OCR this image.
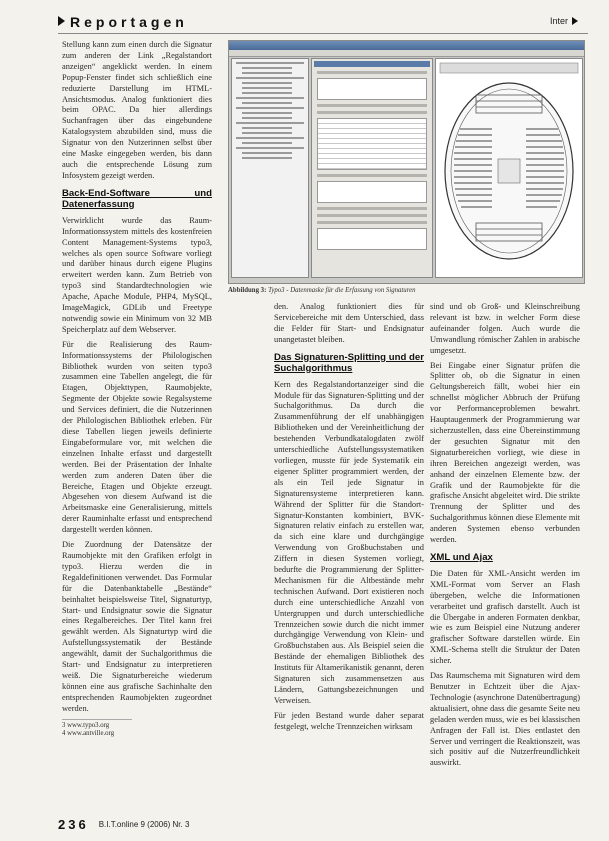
Reportagen	Inter

Stellung kann zum einen durch die Signatur zum anderen der Link „Regalstandort anzeigen“ angeklickt werden. In einem Popup-Fenster findet sich schließlich eine reduzierte Darstellung im HTML-Ansichtsmodus. Analog funktioniert dies beim OPAC. Da hier allerdings Suchanfragen über das eingebundene Katalogsystem abzubilden sind, muss die Signatur von den Nutzerinnen selbst über eine Maske eingegeben werden, bis dann auch die entsprechende Lösung zum Infosystem gezeigt werden.

Back-End-Software und Datenerfassung

Verwirklicht wurde das Raum-Informationssystem mittels des kostenfreien Content Management-Systems typo3, welches als open source Software vorliegt und darüber hinaus durch eigene Plugins erweitert werden kann. Zum Betrieb von typo3 sind Standardtechnologien wie Apache, Apache Module, PHP4, MySQL, ImageMagick, GDLib und Freetype notwendig sowie ein Minimum von 32 MB Speicherplatz auf dem Webserver.

Für die Realisierung des Raum-Informationssystems der Philologischen Bibliothek wurden von seiten typo3 zusammen eine Tabellen angelegt, die für Etagen, Objekttypen, Raumobjekte, Segmente der Objekte sowie Regalsysteme und Services definiert, die die Nutzerinnen der Philologischen Bibliothek erleben. Für diese Tabellen liegen jeweils definierte Eingabeformulare vor, mit welchen die einzelnen Inhalte erfasst und dargestellt werden. Bei der Präsentation der Inhalte werden zum anderen Daten über die Bereiche, Etagen und Objekte erzeugt. Abgesehen von diesem Aufwand ist die Arbeitsmaske eine Generalisierung, mittels derer Rauminhalte erfasst und entsprechend dargestellt werden können.

Die Zuordnung der Datensätze der Raumobjekte mit den Grafiken erfolgt in typo3. Hierzu werden die in Regaldefinitionen verwendet. Das Formular für die Datenbanktabelle „Bestände“ beinhaltet beispielsweise Titel, Signaturtyp, Start- und Endsignatur sowie die Signatur eines Regalbereiches. Der Titel kann frei gewählt werden. Als Signaturtyp wird die Aufstellungssystematik der Bestände angewählt, damit der Suchalgorithmus die Start- und Endsignatur zu interpretieren weiß. Die Signaturbereiche wiederum können eine aus grafische Sachinhalte den entsprechenden Raumobjekten zugeordnet werden.

3 www.typo3.org
4 www.antville.org
Abbildung 3: Typo3 - Datenmaske für die Erfassung von Signaturen

den. Analog funktioniert dies für Servicebereiche mit dem Unterschied, dass die Felder für Start- und Endsignatur unangetastet bleiben.

Das Signaturen-Splitting und der Suchalgorithmus

Kern des Regalstandortanzeiger sind die Module für das Signaturen-Splitting und der Suchalgorithmus. Da durch die Zusammenführung der elf unabhängigen Bibliotheken und der Vereinheitlichung der bestehenden Verbundkatalogdaten zwölf unterschiedliche Aufstellungssystematiken vorliegen, musste für jede Systematik ein eigener Splitter programmiert werden, der als ein Teil jede Signatur in Signaturensysteme interpretieren kann. Während der Splitter für die Standort-Signatur-Konstanten kombiniert, BVK-Signaturen relativ einfach zu erstellen war, da sich eine klare und durchgängige Verwendung von Großbuchstaben und Ziffern in diesen Systemen vorliegt, bedurfte die Programmierung der Splitter-Mechanismen für die Altbestände mehr technischen Aufwand. Dort existieren noch durch eine unterschiedliche Anzahl von Untergruppen und durch unterschiedliche Trennzeichen sowie durch die nicht immer durchgängige Verwendung von Klein- und Großbuchstaben aus. Als Beispiel seien die Bestände der ehemaligen Bibliothek des Instituts für Altamerikanistik genannt, deren Signaturen sich zusammensetzen aus Ländern, Gattungsbezeichnungen und Verweisen.

Für jeden Bestand wurde daher separat festgelegt, welche Trennzeichen wirksam

sind und ob Groß- und Kleinschreibung relevant ist bzw. in welcher Form diese aufeinander folgen. Auch wurde die Umwandlung römischer Zahlen in arabische umgesetzt.

Bei Eingabe einer Signatur prüfen die Splitter ob, ob die Signatur in einen Geltungsbereich fällt, wobei hier ein schnellst möglicher Abbruch der Prüfung vor Performanceproblemen bewahrt. Hauptaugenmerk der Programmierung war sicherzustellen, dass eine Übereinstimmung der gesuchten Signatur mit den Signaturbereichen vorliegt, wie diese in ihren Bereichen angezeigt werden, was anhand der einzelnen Elemente bzw. der Grafik und der Raumobjekte für die grafische Ansicht abgeleitet wird. Die strikte Trennung der Splitter und des Suchalgorithmus können diese Elemente mit anderen Systemen ebenso verbunden werden.

XML und Ajax

Die Daten für XML-Ansicht werden im XML-Format vom Server an Flash übergeben, welche die Informationen verarbeitet und grafisch darstellt. Auch ist die Übergabe in anderen Formaten denkbar, wie es zum Beispiel eine Nutzung anderer grafischer Software darstellen würde. Ein XML-Schema stellt die Struktur der Daten sicher.

Das Raumschema mit Signaturen wird dem Benutzer in Echtzeit über die Ajax-Technologie (asynchrone Datenübertragung) aktualisiert, ohne dass die gesamte Seite neu geladen werden muss, wie es bei klassischen Anfragen der Fall ist. Dies entlastet den Server und verringert die Reaktionszeit, was sich positiv auf die Nutzerfreundlichkeit auswirkt.

236 B.I.T.online 9 (2006) Nr. 3
